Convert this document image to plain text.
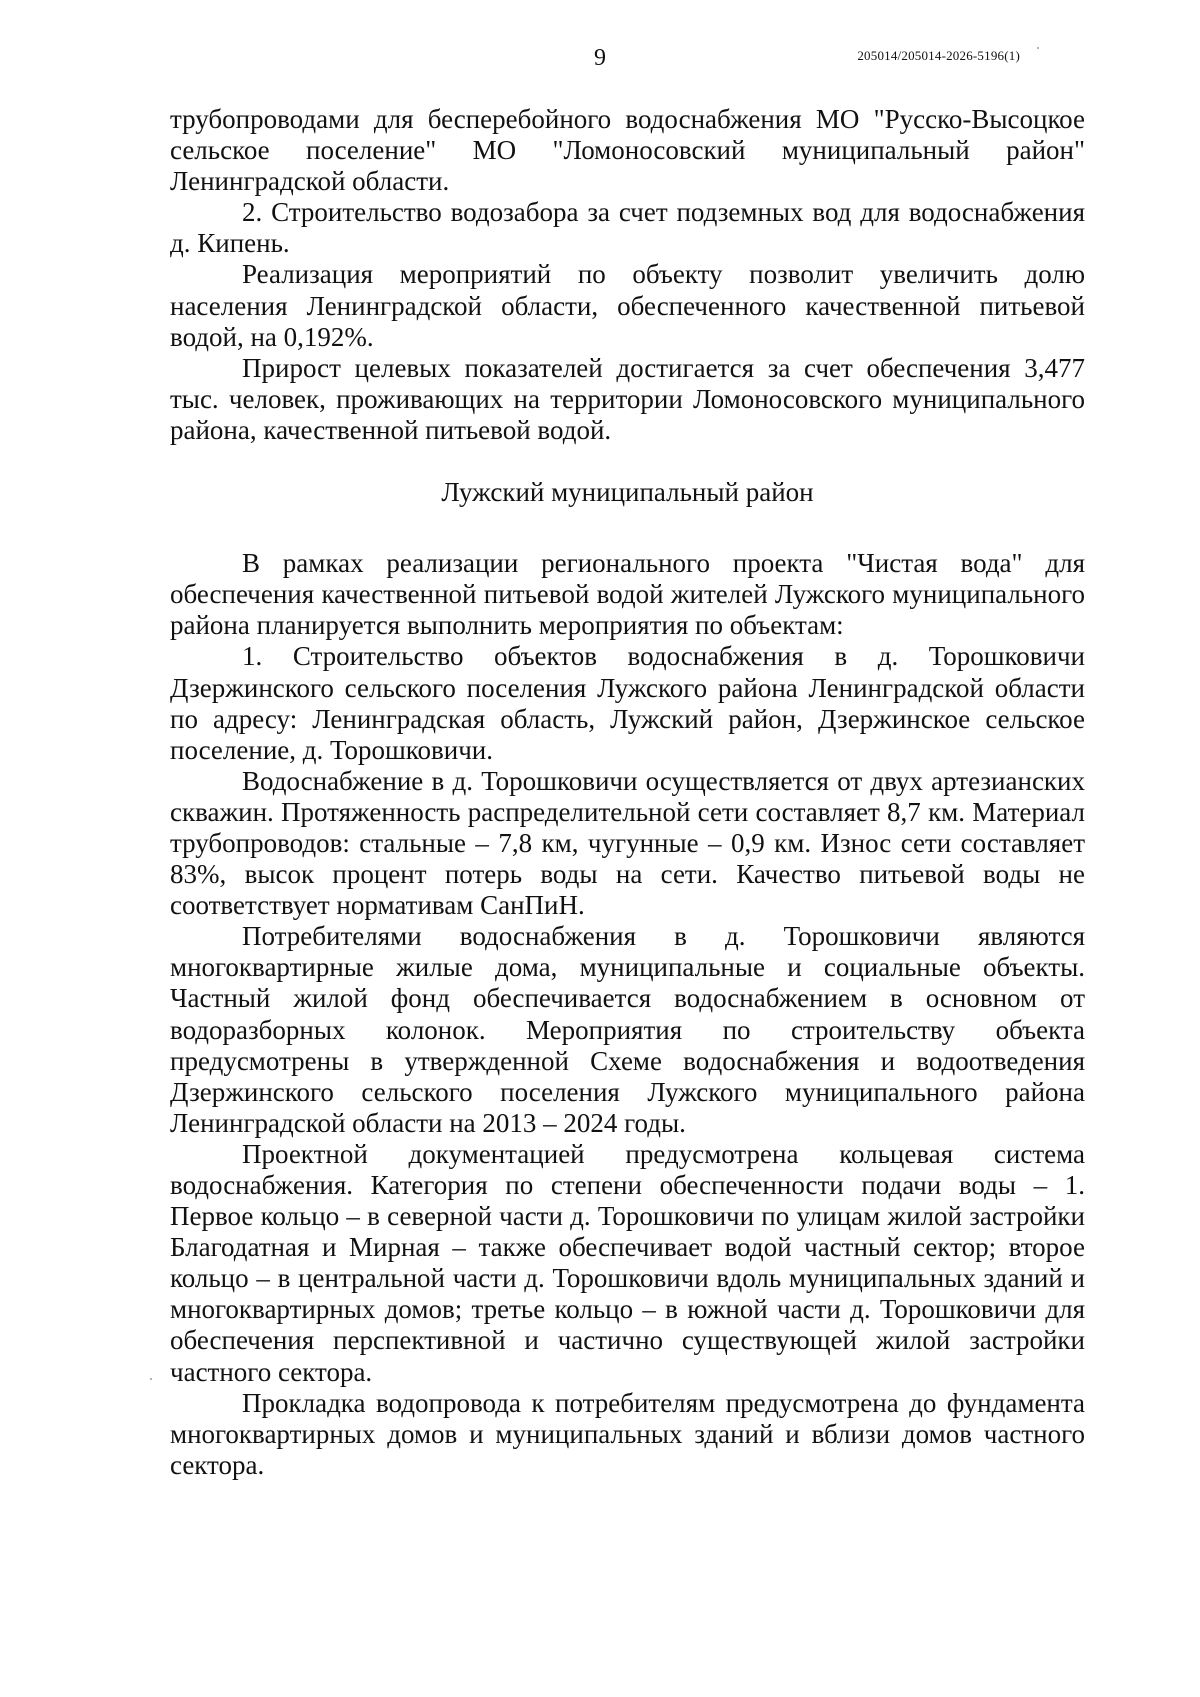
9	205014/205014-2026-5196(1)

трубопроводами для бесперебойного водоснабжения МО "Русско-Высоцкое сельское поселение" МО "Ломоносовский муниципальный район" Ленинградской области.

2. Строительство водозабора за счет подземных вод для водоснабжения д. Кипень.

Реализация мероприятий по объекту позволит увеличить долю населения Ленинградской области, обеспеченного качественной питьевой водой, на 0,192%.

Прирост целевых показателей достигается за счет обеспечения 3,477 тыс. человек, проживающих на территории Ломоносовского муниципального района, качественной питьевой водой.

Лужский муниципальный район

В рамках реализации регионального проекта "Чистая вода" для обеспечения качественной питьевой водой жителей Лужского муниципального района планируется выполнить мероприятия по объектам:

1. Строительство объектов водоснабжения в д. Торошковичи Дзержинского сельского поселения Лужского района Ленинградской области по адресу: Ленинградская область, Лужский район, Дзержинское сельское поселение, д. Торошковичи.

Водоснабжение в д. Торошковичи осуществляется от двух артезианских скважин. Протяженность распределительной сети составляет 8,7 км. Материал трубопроводов: стальные – 7,8 км, чугунные – 0,9 км. Износ сети составляет 83%, высок процент потерь воды на сети. Качество питьевой воды не соответствует нормативам СанПиН.

Потребителями водоснабжения в д. Торошковичи являются многоквартирные жилые дома, муниципальные и социальные объекты. Частный жилой фонд обеспечивается водоснабжением в основном от водоразборных колонок. Мероприятия по строительству объекта предусмотрены в утвержденной Схеме водоснабжения и водоотведения Дзержинского сельского поселения Лужского муниципального района Ленинградской области на 2013 – 2024 годы.

Проектной документацией предусмотрена кольцевая система водоснабжения. Категория по степени обеспеченности подачи воды – 1. Первое кольцо – в северной части д. Торошковичи по улицам жилой застройки Благодатная и Мирная – также обеспечивает водой частный сектор; второе кольцо – в центральной части д. Торошковичи вдоль муниципальных зданий и многоквартирных домов; третье кольцо – в южной части д. Торошковичи для обеспечения перспективной и частично существующей жилой застройки частного сектора.

Прокладка водопровода к потребителям предусмотрена до фундамента многоквартирных домов и муниципальных зданий и вблизи домов частного сектора.
